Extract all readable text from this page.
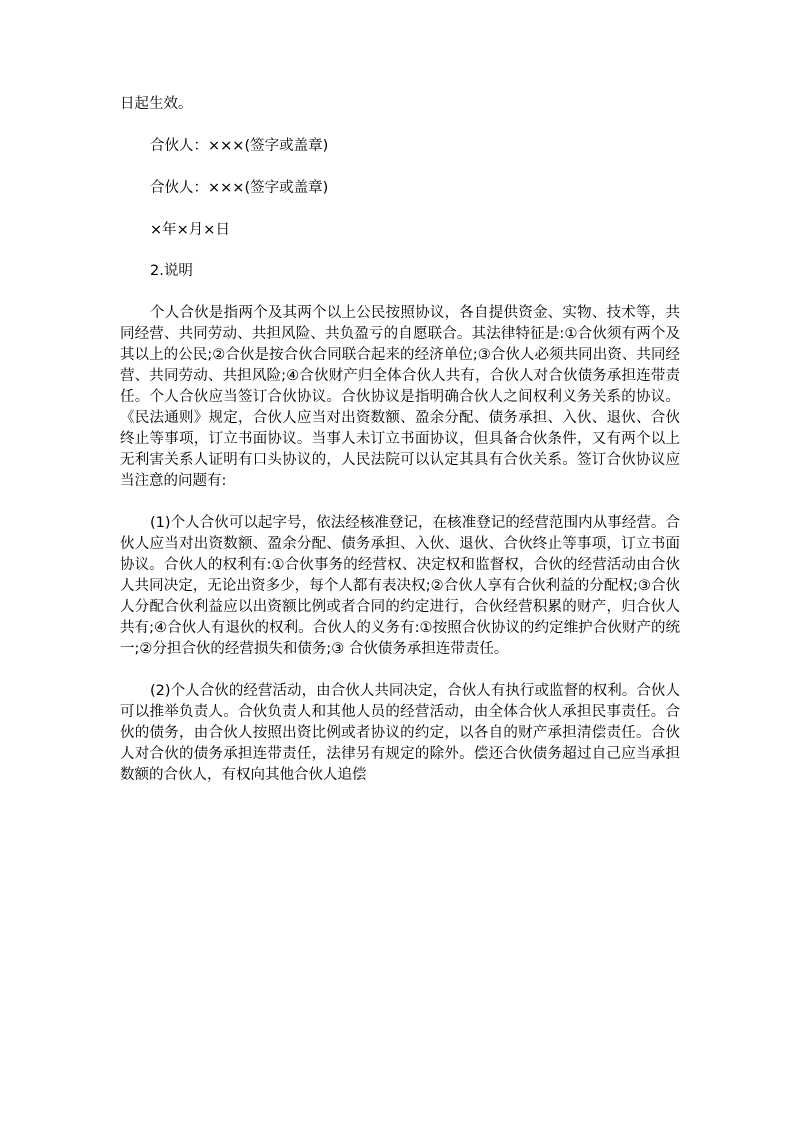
日起生效。

合伙人：×××(签字或盖章)

合伙人：×××(签字或盖章)

×年×月×日

2.说明

个人合伙是指两个及其两个以上公民按照协议，各自提供资金、实物、技术等，共同经营、共同劳动、共担风险、共负盈亏的自愿联合。其法律特征是:①合伙须有两个及其以上的公民;②合伙是按合伙合同联合起来的经济单位;③合伙人必须共同出资、共同经营、共同劳动、共担风险;④合伙财产归全体合伙人共有，合伙人对合伙债务承担连带责任。个人合伙应当签订合伙协议。合伙协议是指明确合伙人之间权利义务关系的协议。《民法通则》规定，合伙人应当对出资数额、盈余分配、债务承担、入伙、退伙、合伙终止等事项，订立书面协议。当事人未订立书面协议，但具备合伙条件，又有两个以上无利害关系人证明有口头协议的，人民法院可以认定其具有合伙关系。签订合伙协议应当注意的问题有:

(1)个人合伙可以起字号，依法经核准登记，在核准登记的经营范围内从事经营。合伙人应当对出资数额、盈余分配、债务承担、入伙、退伙、合伙终止等事项，订立书面协议。合伙人的权利有:①合伙事务的经营权、决定权和监督权，合伙的经营活动由合伙人共同决定，无论出资多少，每个人都有表决权;②合伙人享有合伙利益的分配权;③合伙人分配合伙利益应以出资额比例或者合同的约定进行，合伙经营积累的财产，归合伙人共有;④合伙人有退伙的权利。合伙人的义务有:①按照合伙协议的约定维护合伙财产的统一;②分担合伙的经营损失和债务;③ 合伙债务承担连带责任。

(2)个人合伙的经营活动，由合伙人共同决定，合伙人有执行或监督的权利。合伙人可以推举负责人。合伙负责人和其他人员的经营活动，由全体合伙人承担民事责任。合伙的债务，由合伙人按照出资比例或者协议的约定，以各自的财产承担清偿责任。合伙人对合伙的债务承担连带责任，法律另有规定的除外。偿还合伙债务超过自己应当承担数额的合伙人，有权向其他合伙人追偿
